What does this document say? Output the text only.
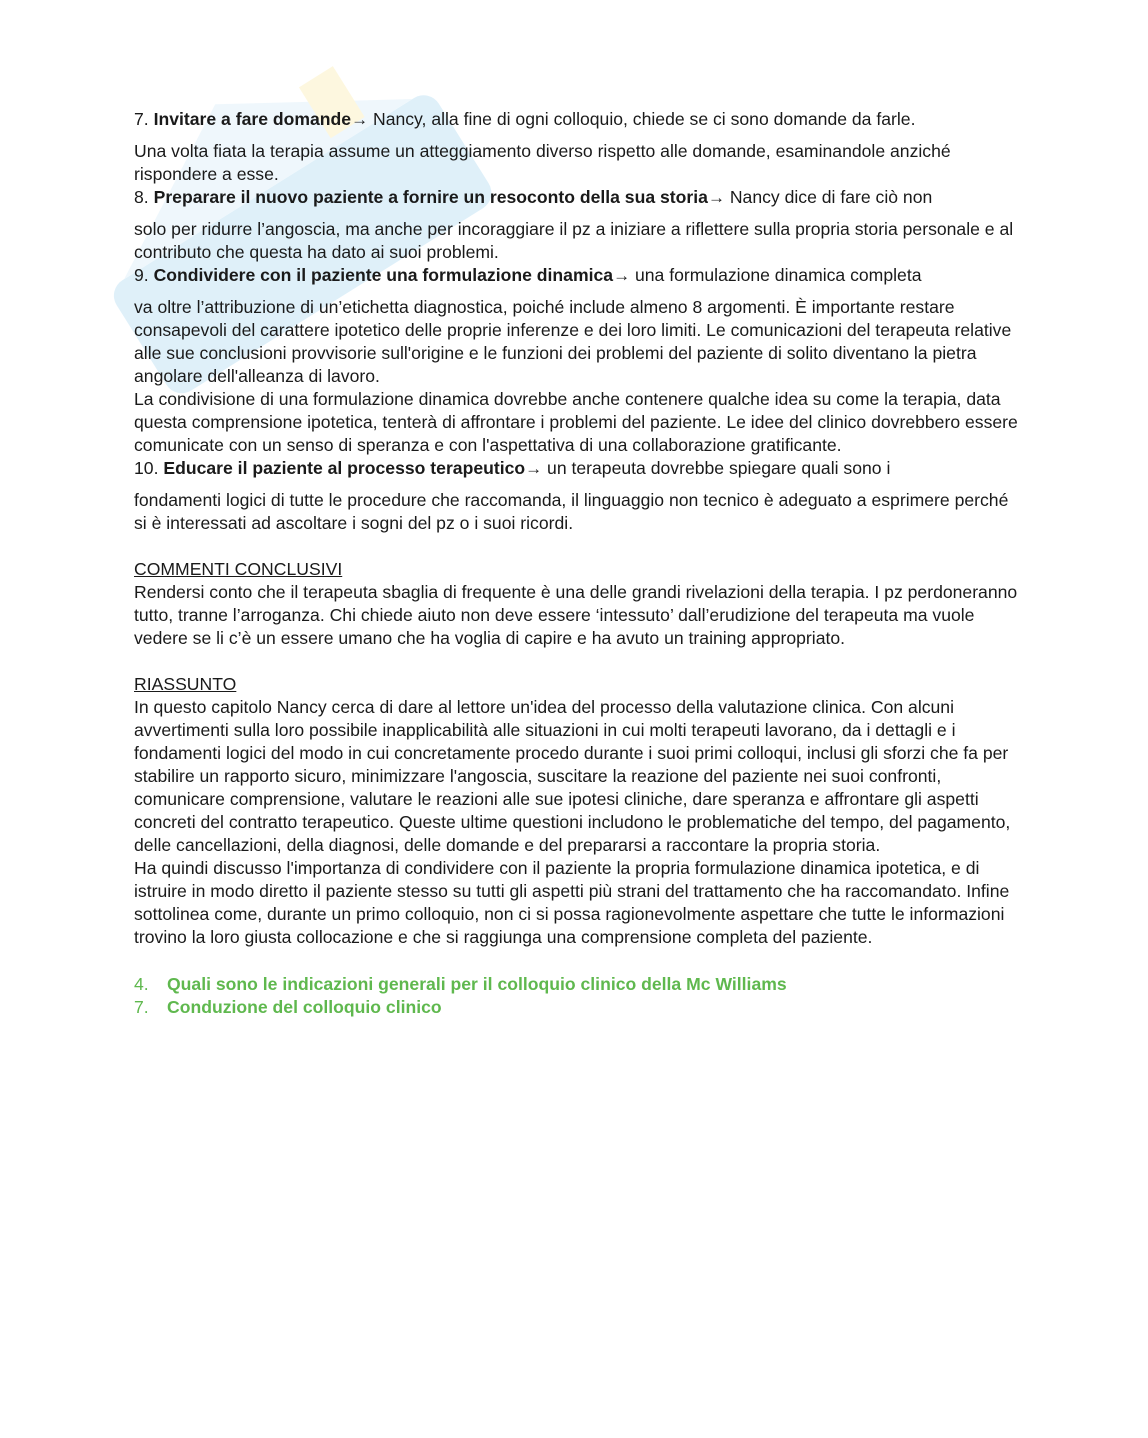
7. Invitare a fare domande→ Nancy, alla fine di ogni colloquio, chiede se ci sono domande da farle.

Una volta fiata la terapia assume un atteggiamento diverso rispetto alle domande, esaminandole anziché rispondere a esse.

8. Preparare il nuovo paziente a fornire un resoconto della sua storia→ Nancy dice di fare ciò non

solo per ridurre l’angoscia, ma anche per incoraggiare il pz a iniziare a riflettere sulla propria storia personale e al contributo che questa ha dato ai suoi problemi.

9. Condividere con il paziente una formulazione dinamica→ una formulazione dinamica completa

va oltre l’attribuzione di un’etichetta diagnostica, poiché include almeno 8 argomenti. È importante restare consapevoli del carattere ipotetico delle proprie inferenze e dei loro limiti. Le comunicazioni del terapeuta relative alle sue conclusioni provvisorie sull'origine e le funzioni dei problemi del paziente di solito diventano la pietra angolare dell'alleanza di lavoro.

La condivisione di una formulazione dinamica dovrebbe anche contenere qualche idea su come la terapia, data questa comprensione ipotetica, tenterà di affrontare i problemi del paziente. Le idee del clinico dovrebbero essere comunicate con un senso di speranza e con l'aspettativa di una collaborazione gratificante.

10. Educare il paziente al processo terapeutico→ un terapeuta dovrebbe spiegare quali sono i

fondamenti logici di tutte le procedure che raccomanda, il linguaggio non tecnico è adeguato a esprimere perché si è interessati ad ascoltare i sogni del pz o i suoi ricordi.

COMMENTI CONCLUSIVI

Rendersi conto che il terapeuta sbaglia di frequente è una delle grandi rivelazioni della terapia. I pz perdoneranno tutto, tranne l’arroganza. Chi chiede aiuto non deve essere ‘intessuto’ dall’erudizione del terapeuta ma vuole vedere se li c’è un essere umano che ha voglia di capire e ha avuto un training appropriato.

RIASSUNTO

In questo capitolo Nancy cerca di dare al lettore un'idea del processo della valutazione clinica. Con alcuni avvertimenti sulla loro possibile inapplicabilità alle situazioni in cui molti terapeuti lavorano, da i dettagli e i fondamenti logici del modo in cui concretamente procedo durante i suoi primi colloqui, inclusi gli sforzi che fa per stabilire un rapporto sicuro, minimizzare l'angoscia, suscitare la reazione del paziente nei suoi confronti, comunicare comprensione, valutare le reazioni alle sue ipotesi cliniche, dare speranza e affrontare gli aspetti concreti del contratto terapeutico. Queste ultime questioni includono le problematiche del tempo, del pagamento, delle cancellazioni, della diagnosi, delle domande e del prepararsi a raccontare la propria storia.

Ha quindi discusso l'importanza di condividere con il paziente la propria formulazione dinamica ipotetica, e di istruire in modo diretto il paziente stesso su tutti gli aspetti più strani del trattamento che ha raccomandato. Infine sottolinea come, durante un primo colloquio, non ci si possa ragionevolmente aspettare che tutte le informazioni trovino la loro giusta collocazione e che si raggiunga una comprensione completa del paziente.

4.	Quali sono le indicazioni generali per il colloquio clinico della Mc Williams
7.	Conduzione del colloquio clinico
